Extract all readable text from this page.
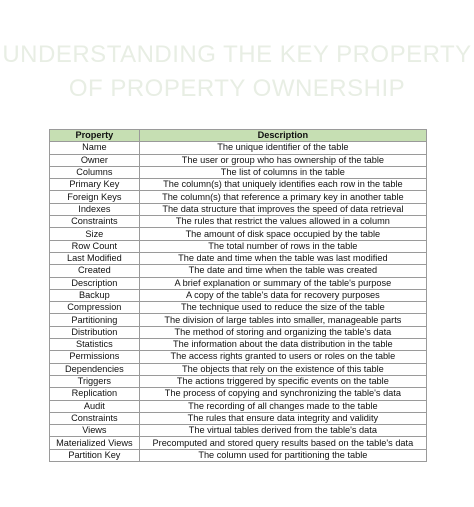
UNDERSTANDING THE KEY PROPERTY
OF PROPERTY OWNERSHIP
Property	Description
Name	The unique identifier of the table
Owner	The user or group who has ownership of the table
Columns	The list of columns in the table
Primary Key	The column(s) that uniquely identifies each row in the table
Foreign Keys	The column(s) that reference a primary key in another table
Indexes	The data structure that improves the speed of data retrieval
Constraints	The rules that restrict the values allowed in a column
Size	The amount of disk space occupied by the table
Row Count	The total number of rows in the table
Last Modified	The date and time when the table was last modified
Created	The date and time when the table was created
Description	A brief explanation or summary of the table's purpose
Backup	A copy of the table's data for recovery purposes
Compression	The technique used to reduce the size of the table
Partitioning	The division of large tables into smaller, manageable parts
Distribution	The method of storing and organizing the table's data
Statistics	The information about the data distribution in the table
Permissions	The access rights granted to users or roles on the table
Dependencies	The objects that rely on the existence of this table
Triggers	The actions triggered by specific events on the table
Replication	The process of copying and synchronizing the table's data
Audit	The recording of all changes made to the table
Constraints	The rules that ensure data integrity and validity
Views	The virtual tables derived from the table's data
Materialized Views	Precomputed and stored query results based on the table's data
Partition Key	The column used for partitioning the table
